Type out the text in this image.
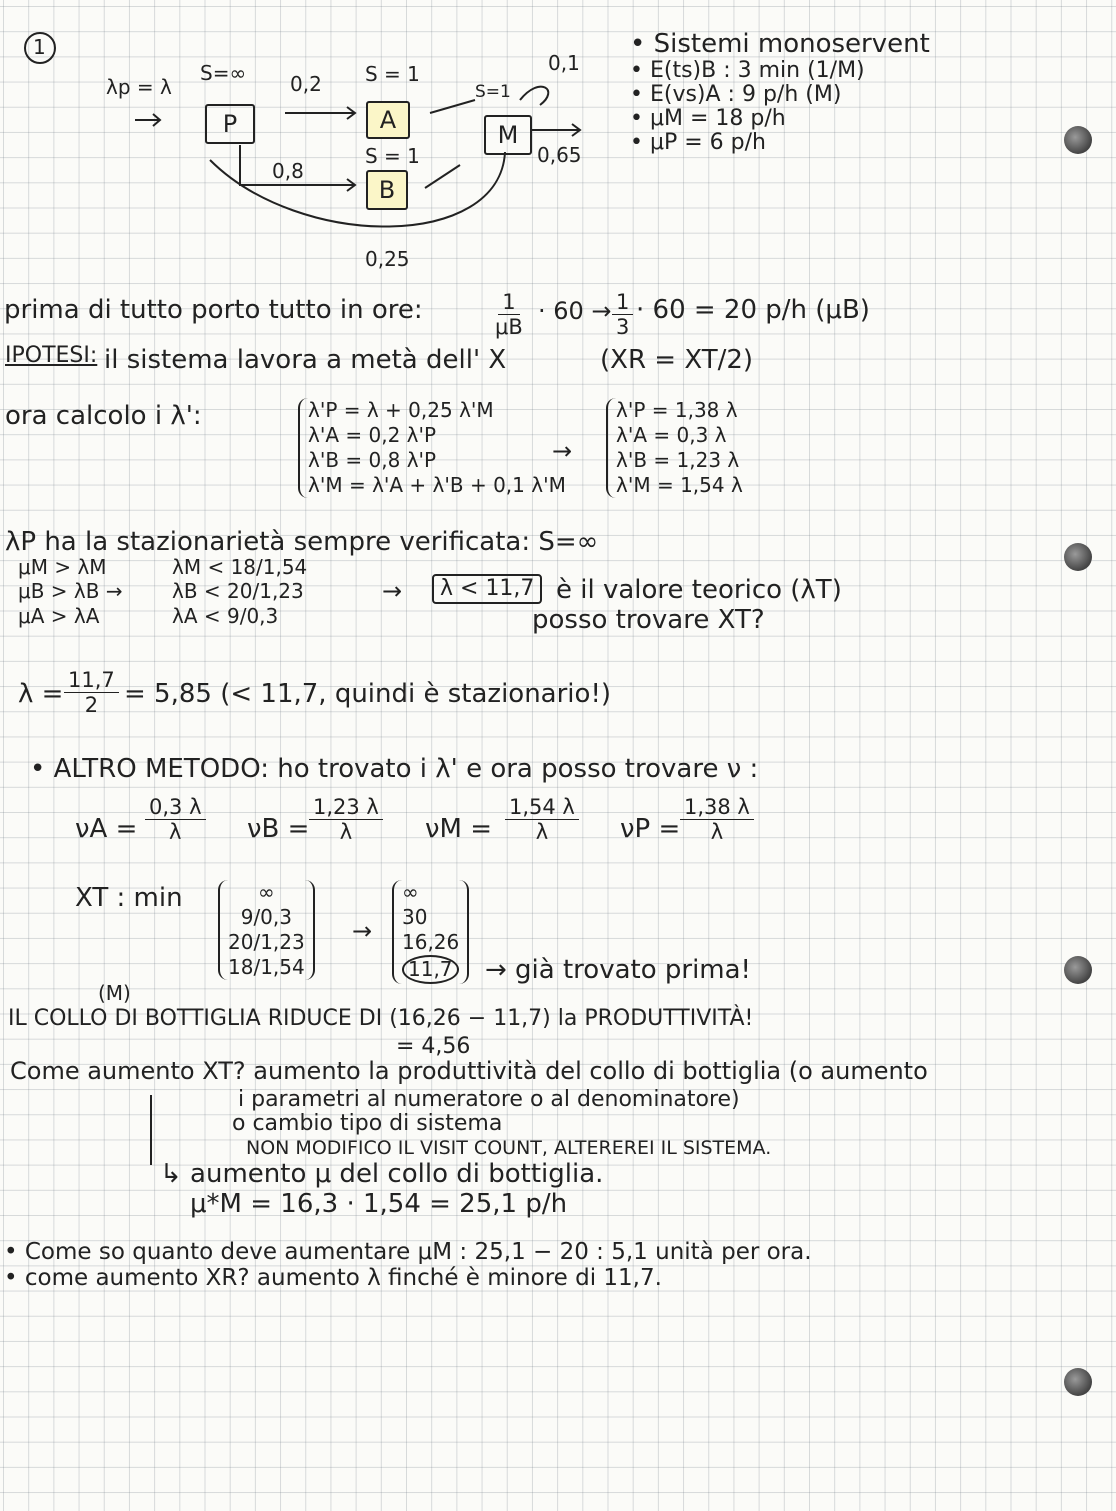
1
λp = λ
S=∞	S = 1
S = 1
S=1
0,2
0,8
0,1
0,65
0,25
P	A
B
M
• Sistemi monoservent
• E(ts)B : 3 min (1/M)
• E(vs)A : 9 p/h (M)
• μM = 18 p/h
• μP = 6 p/h
prima di tutto porto tutto in ore:	$\frac{1}{\mu B} \cdot 60 \to \frac{1}{3} \cdot 60 = 20$ p/h (μB)
IPOTESI: il sistema lavora a metà dell' X	(XR = XT/2)
ora calcolo i λ':	λ'P = λ + 0,25 λ'M
λ'A = 0,2 λ'P
λ'B = 0,8 λ'P
λ'M = λ'A + λ'B + 0,1 λ'M
→
λ'P = 1,38 λ
λ'A = 0,3 λ
λ'B = 1,23 λ
λ'M = 1,54 λ
λP ha la stazionarietà sempre verificata: S=∞
μM > λM
μB > λB →
μA > λA
λM < 18/1,54
λB < 20/1,23
λA < 9/0,3
→	λ < 11,7 è il valore teorico (λT)
posso trovare XT?
$\lambda = \frac{11,7}{2} = 5,85$ (< 11,7, quindi è stazionario!)
• ALTRO METODO: ho trovato i λ' e ora posso trovare ν :
$\nu A = \frac{0,3 \lambda}{\lambda}$ $\nu B = \frac{1,23 \lambda}{\lambda}$ $\nu M = \frac{1,54 \lambda}{\lambda}$ $\nu P = \frac{1,38 \lambda}{\lambda}$
XT : min	∞
9/0,3
20/1,23
18/1,54
→
∞
30
16,26
11,7
(M)
→ già trovato prima!
IL COLLO DI BOTTIGLIA RIDUCE DI (16,26 − 11,7) la PRODUTTIVITÀ!
= 4,56
Come aumento XT? aumento la produttività del collo di bottiglia (o aumento
i parametri al numeratore o al denominatore)
o cambio tipo di sistema
NON MODIFICO IL VISIT COUNT, ALTEREREI IL SISTEMA.
↳ aumento μ del collo di bottiglia.
μ*M = 16,3 · 1,54 = 25,1 p/h
• Come so quanto deve aumentare μM : 25,1 − 20 : 5,1 unità per ora.
• come aumento XR? aumento λ finché è minore di 11,7.
